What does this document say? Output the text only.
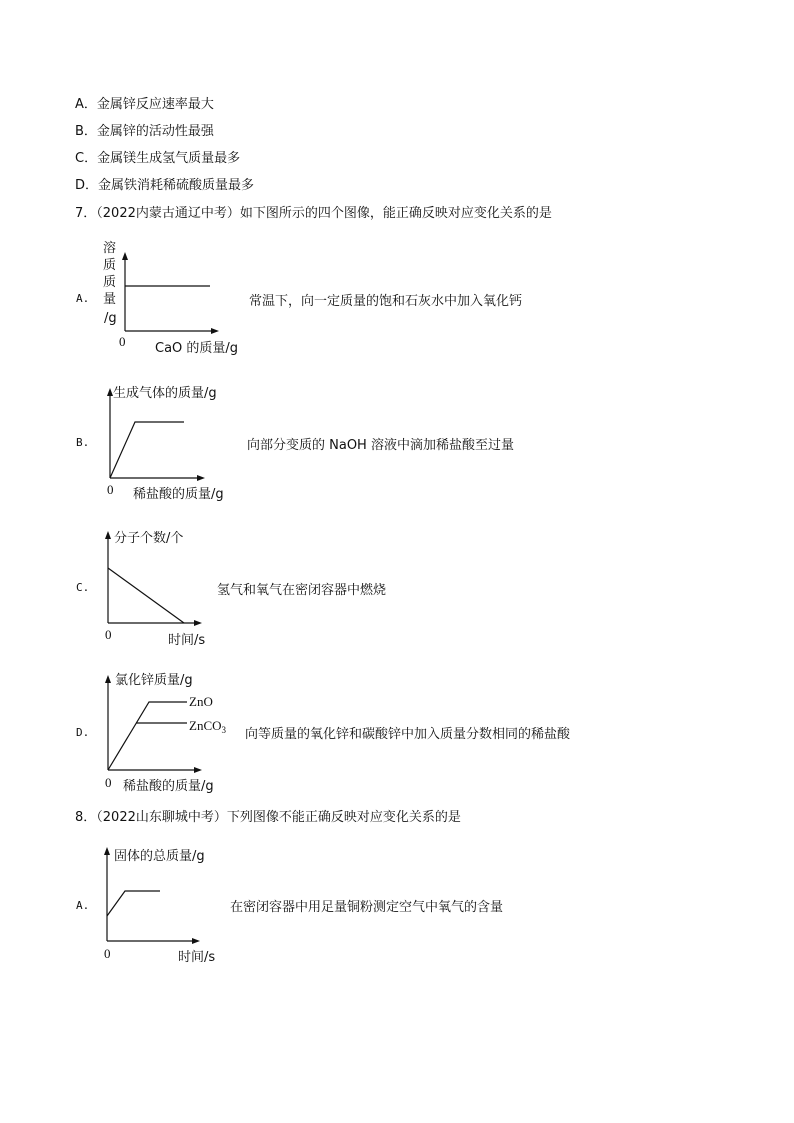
A．金属锌反应速率最大
B．金属锌的活动性最强
C．金属镁生成氢气质量最多
D．金属铁消耗稀硫酸质量最多
7．（2022内蒙古通辽中考）如下图所示的四个图像，能正确反映对应变化关系的是
A.
溶
质
质
量
/g
0 CaO 的质量/g
常温下，向一定质量的饱和石灰水中加入氧化钙
B.
生成气体的质量/g
0 稀盐酸的质量/g
向部分变质的 NaOH 溶液中滴加稀盐酸至过量
C.
分子个数/个
0	时间/s
氢气和氧气在密闭容器中燃烧
D.
氯化锌质量/g
ZnO
ZnCO$_3$
0 稀盐酸的质量/g
向等质量的氧化锌和碳酸锌中加入质量分数相同的稀盐酸
8．（2022山东聊城中考）下列图像不能正确反映对应变化关系的是
A.
固体的总质量/g
0	时间/s
在密闭容器中用足量铜粉测定空气中氧气的含量
